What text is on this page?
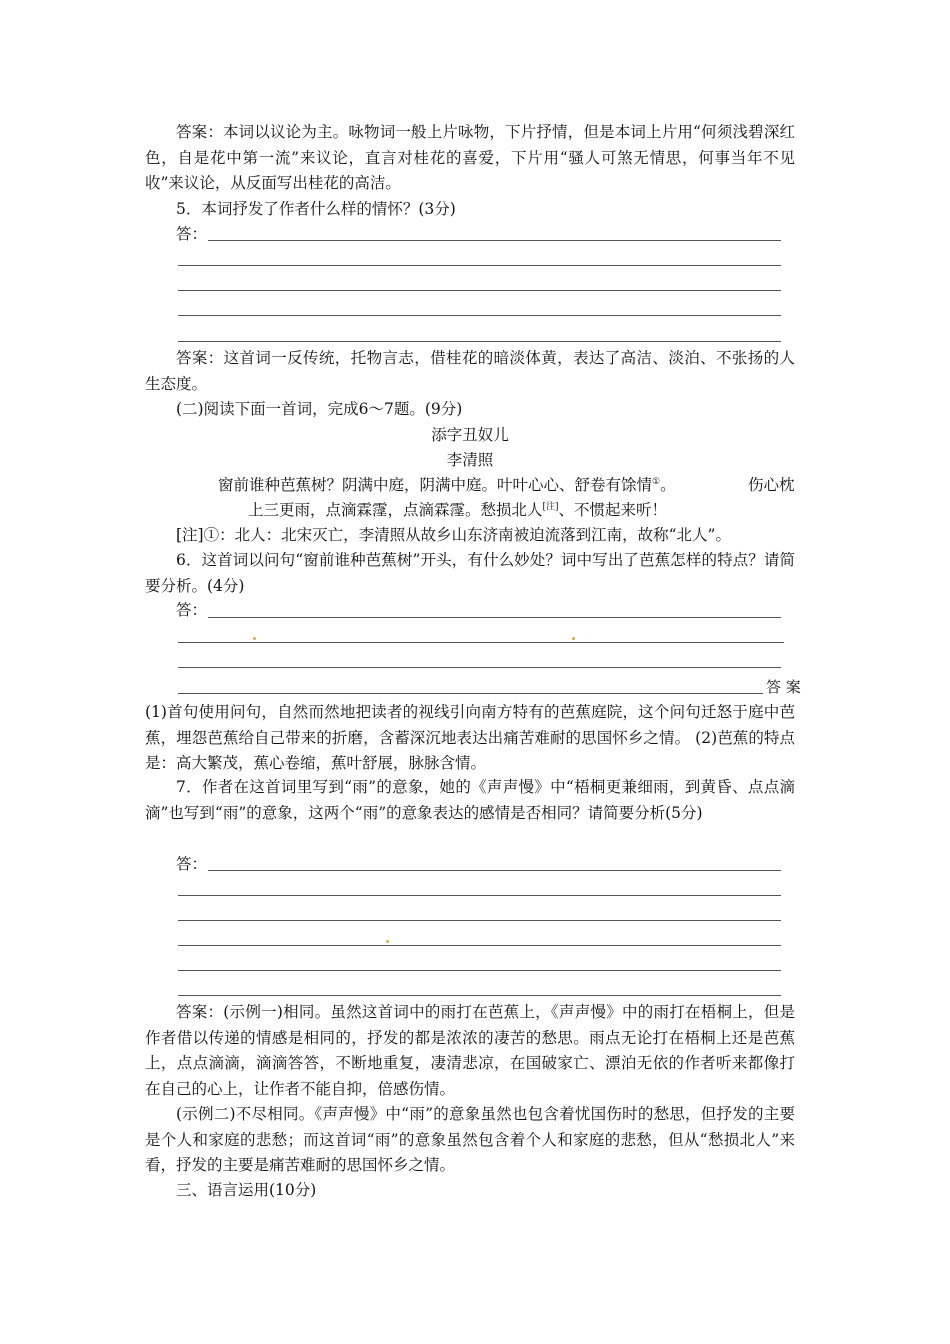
答案：本词以议论为主。咏物词一般上片咏物，下片抒情，但是本词上片用“何须浅碧深红色，自是花中第一流”来议论，直言对桂花的喜爱，下片用“骚人可煞无情思，何事当年不见收”来议论，从反面写出桂花的高洁。

5．本词抒发了作者什么样的情怀？(3分)

答：

答案：这首词一反传统，托物言志，借桂花的暗淡体黄，表达了高洁、淡泊、不张扬的人生态度。

(二)阅读下面一首词，完成6～7题。(9分)

添字丑奴儿
李清照
窗前谁种芭蕉树？阴满中庭，阴满中庭。叶叶心心、舒卷有馀情①。	伤心枕
上三更雨，点滴霖霪，点滴霖霪。愁损北人[注]、不惯起来听！

[注]①：北人：北宋灭亡，李清照从故乡山东济南被迫流落到江南，故称“北人”。

6．这首词以问句“窗前谁种芭蕉树”开头，有什么妙处？词中写出了芭蕉怎样的特点？请简要分析。(4分)

答：
答 案

(1)首句使用问句，自然而然地把读者的视线引向南方特有的芭蕉庭院，这个问句迁怒于庭中芭蕉，埋怨芭蕉给自己带来的折磨，含蓄深沉地表达出痛苦难耐的思国怀乡之情。 (2)芭蕉的特点是：高大繁茂，蕉心卷缩，蕉叶舒展，脉脉含情。

7．作者在这首词里写到“雨”的意象，她的《声声慢》中“梧桐更兼细雨，到黄昏、点点滴滴”也写到“雨”的意象，这两个“雨”的意象表达的感情是否相同？请简要分析(5分)

答：

答案：(示例一)相同。虽然这首词中的雨打在芭蕉上，《声声慢》中的雨打在梧桐上，但是作者借以传递的情感是相同的，抒发的都是浓浓的凄苦的愁思。雨点无论打在梧桐上还是芭蕉上，点点滴滴，滴滴答答，不断地重复，凄清悲凉，在国破家亡、漂泊无依的作者听来都像打在自己的心上，让作者不能自抑，倍感伤情。

(示例二)不尽相同。《声声慢》中“雨”的意象虽然也包含着忧国伤时的愁思，但抒发的主要是个人和家庭的悲愁；而这首词“雨”的意象虽然包含着个人和家庭的悲愁，但从“愁损北人”来看，抒发的主要是痛苦难耐的思国怀乡之情。

三、语言运用(10分)
